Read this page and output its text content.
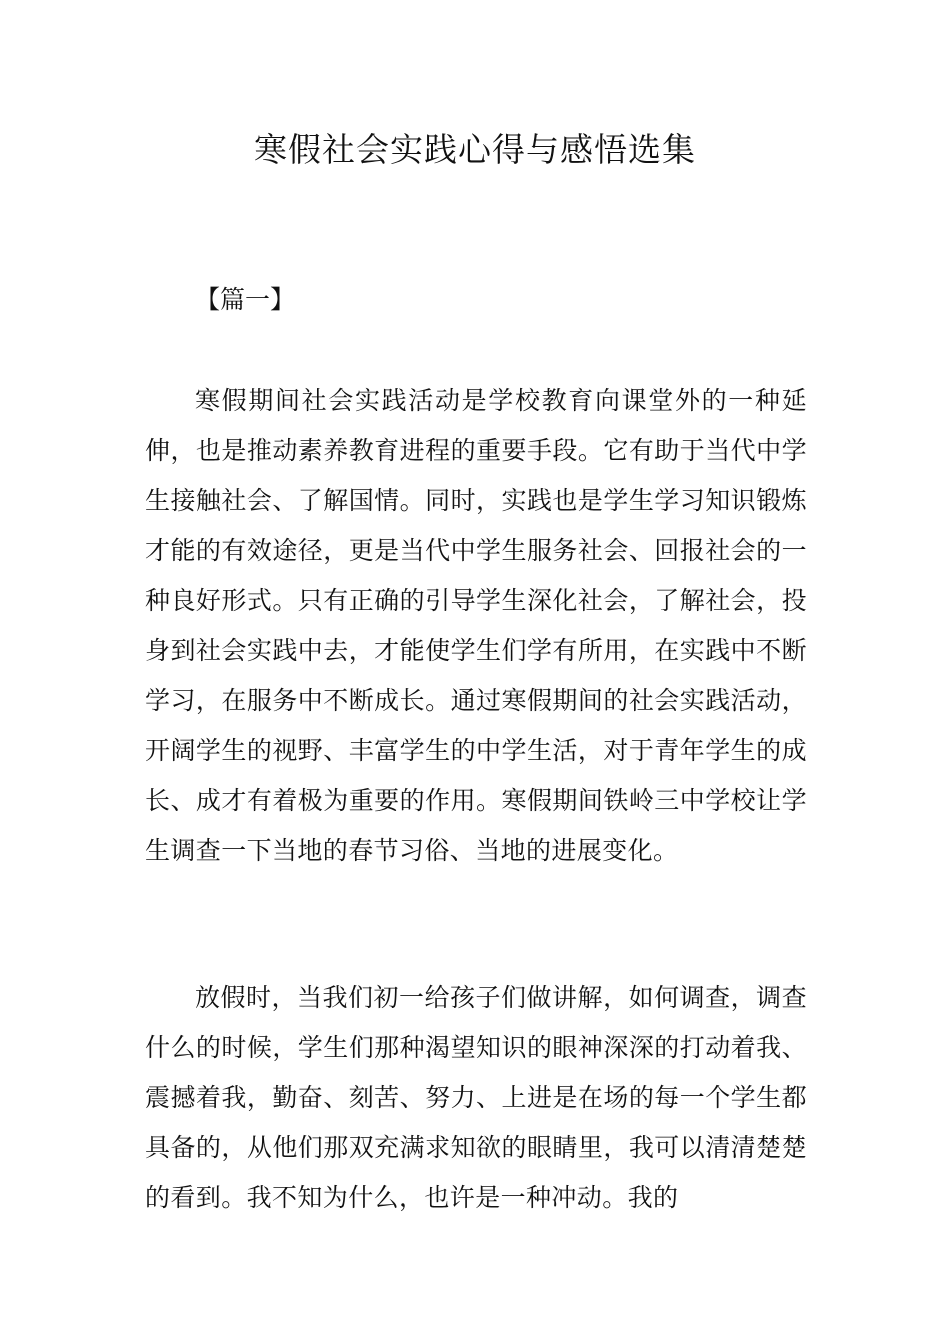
寒假社会实践心得与感悟选集
【篇一】

寒假期间社会实践活动是学校教育向课堂外的一种延伸，也是推动素养教育进程的重要手段。它有助于当代中学生接触社会、了解国情。同时，实践也是学生学习知识锻炼才能的有效途径，更是当代中学生服务社会、回报社会的一种良好形式。只有正确的引导学生深化社会，了解社会，投身到社会实践中去，才能使学生们学有所用，在实践中不断学习，在服务中不断成长。通过寒假期间的社会实践活动，开阔学生的视野、丰富学生的中学生活，对于青年学生的成长、成才有着极为重要的作用。寒假期间铁岭三中学校让学生调查一下当地的春节习俗、当地的进展变化。

放假时，当我们初一给孩子们做讲解，如何调查，调查什么的时候，学生们那种渴望知识的眼神深深的打动着我、震撼着我，勤奋、刻苦、努力、上进是在场的每一个学生都具备的，从他们那双充满求知欲的眼睛里，我可以清清楚楚的看到。我不知为什么，也许是一种冲动。我的
